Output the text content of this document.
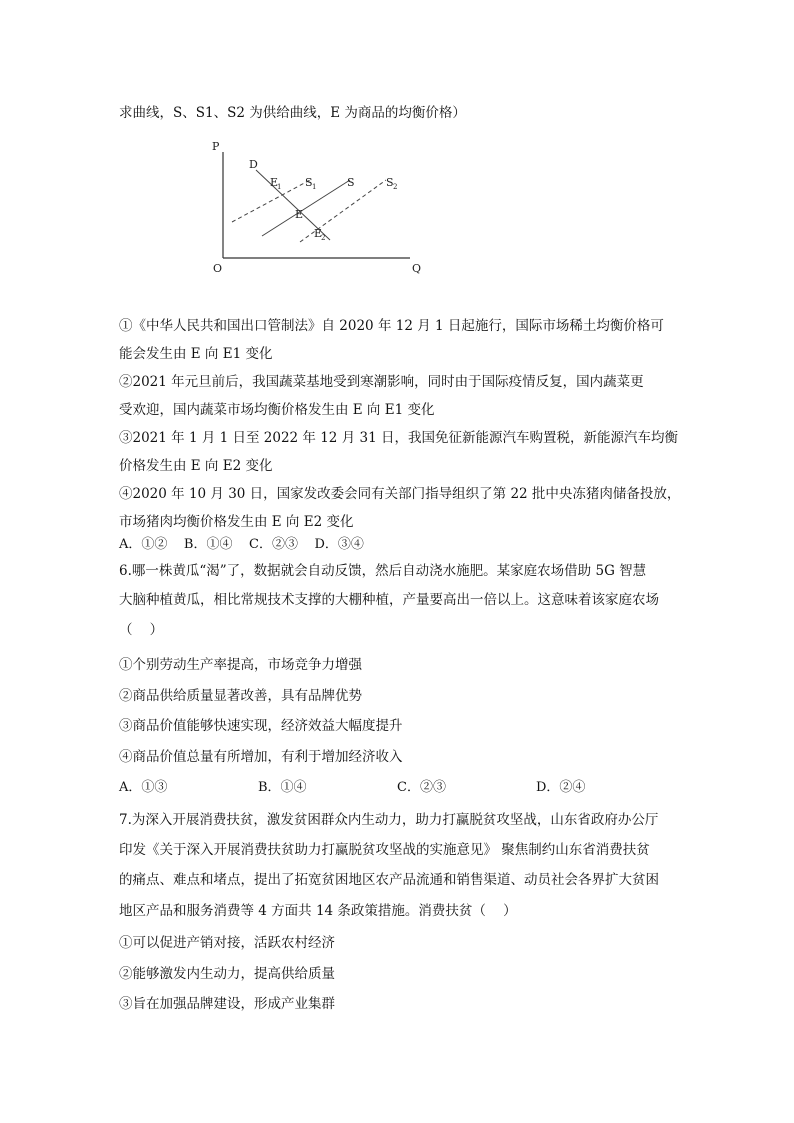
求曲线，S、S1、S2 为供给曲线，E 为商品的均衡价格）
P
Q
O
D
E
1 S 1	S	S 2
E
E
2
①《中华人民共和国出口管制法》自 2020 年 12 月 1 日起施行，国际市场稀土均衡价格可
能会发生由 E 向 E1 变化
②2021 年元旦前后，我国蔬菜基地受到寒潮影响，同时由于国际疫情反复，国内蔬菜更
受欢迎，国内蔬菜市场均衡价格发生由 E 向 E1 变化
③2021 年 1 月 1 日至 2022 年 12 月 31 日，我国免征新能源汽车购置税，新能源汽车均衡
价格发生由 E 向 E2 变化
④2020 年 10 月 30 日，国家发改委会同有关部门指导组织了第 22 批中央冻猪肉储备投放，
市场猪肉均衡价格发生由 E 向 E2 变化
A．①②    B．①④    C．②③    D．③④
6.哪一株黄瓜“渴”了，数据就会自动反馈，然后自动浇水施肥。某家庭农场借助 5G 智慧
大脑种植黄瓜，相比常规技术支撑的大棚种植，产量要高出一倍以上。这意味着该家庭农场
（    ）
①个别劳动生产率提高，市场竞争力增强
②商品供给质量显著改善，具有品牌优势
③商品价值能够快速实现，经济效益大幅度提升
④商品价值总量有所增加，有利于增加经济收入
A．①③	B．①④	C．②③	D．②④
7.为深入开展消费扶贫，激发贫困群众内生动力，助力打赢脱贫攻坚战，山东省政府办公厅
印发《关于深入开展消费扶贫助力打赢脱贫攻坚战的实施意见》 聚焦制约山东省消费扶贫
的痛点、难点和堵点，提出了拓宽贫困地区农产品流通和销售渠道、动员社会各界扩大贫困
地区产品和服务消费等 4 方面共 14 条政策措施。消费扶贫（    ）
①可以促进产销对接，活跃农村经济
②能够激发内生动力，提高供给质量
③旨在加强品牌建设，形成产业集群
